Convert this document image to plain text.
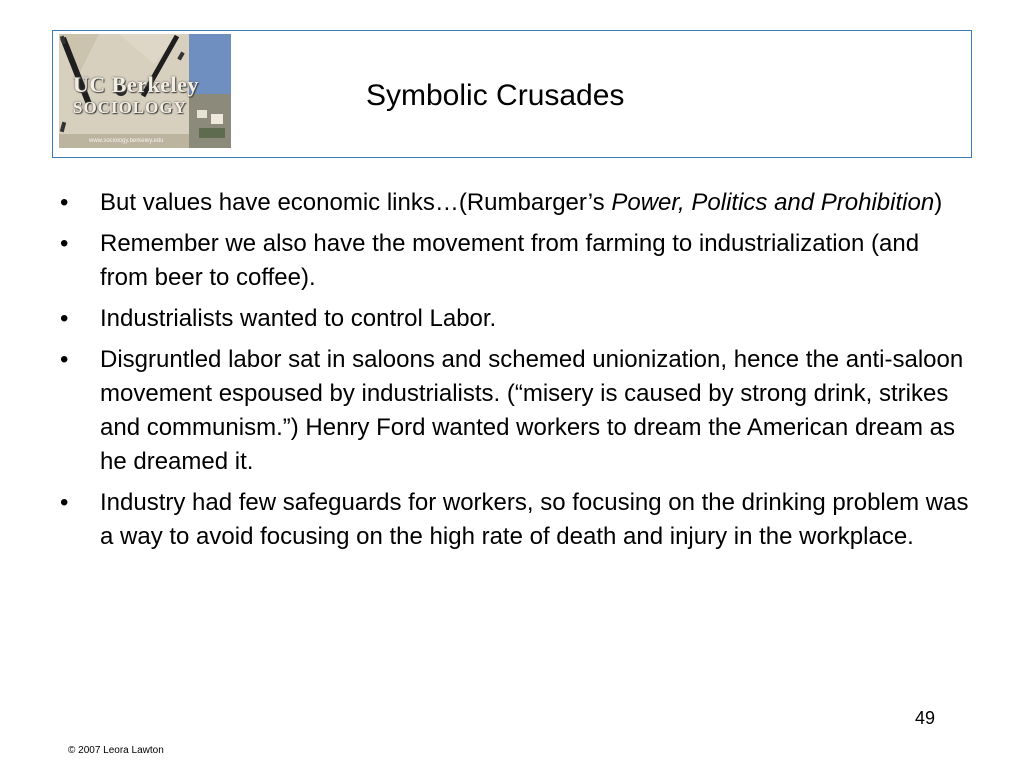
UC Berkeley
SOCIOLOGY
www.sociology.berkeley.edu
Symbolic Crusades
•	But values have economic links…(Rumbarger’s Power, Politics and Prohibition)
•	Remember we also have the movement from farming to industrialization (and from beer to coffee).
•	Industrialists wanted to control Labor.
•	Disgruntled labor sat in saloons and schemed unionization, hence the anti-saloon movement espoused by industrialists. (“misery is caused by strong drink, strikes and communism.”) Henry Ford wanted workers to dream the American dream as he dreamed it.
•	Industry had few safeguards for workers, so focusing on the drinking problem was a way to avoid focusing on the high rate of death and injury in the workplace.
49
© 2007 Leora Lawton
